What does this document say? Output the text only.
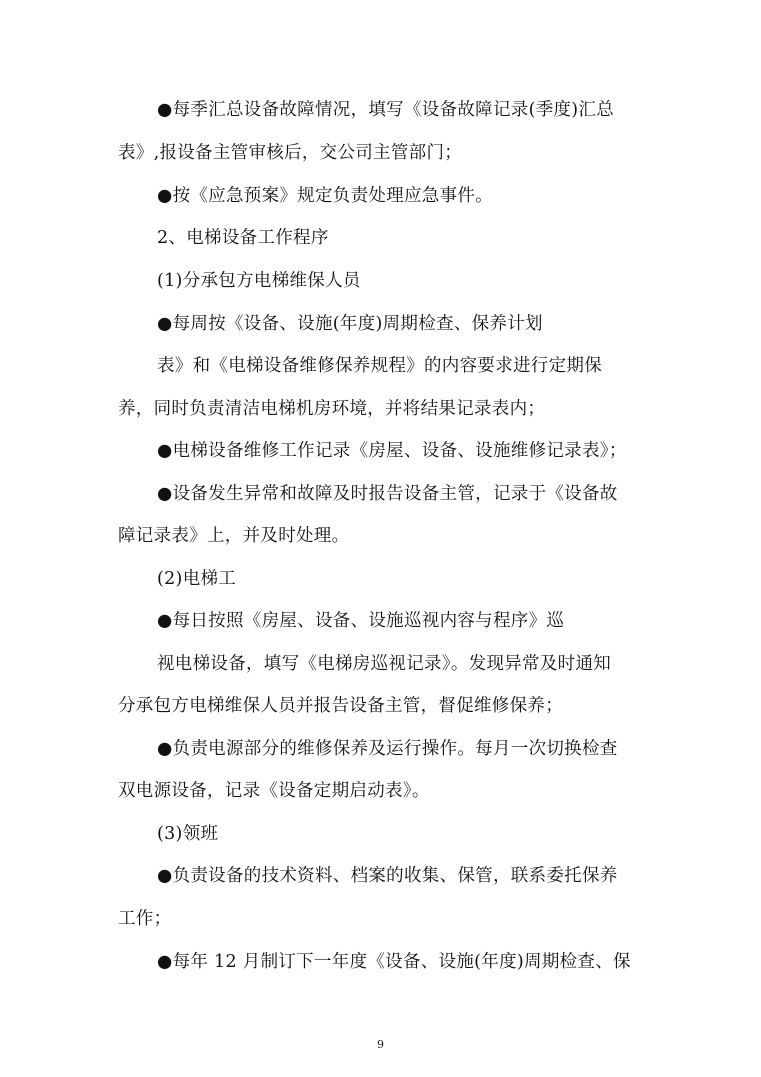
●每季汇总设备故障情况，填写《设备故障记录(季度)汇总
表》,报设备主管审核后，交公司主管部门；
●按《应急预案》规定负责处理应急事件。
2、电梯设备工作程序
(1)分承包方电梯维保人员
●每周按《设备、设施(年度)周期检查、保养计划
表》和《电梯设备维修保养规程》的内容要求进行定期保
养，同时负责清洁电梯机房环境，并将结果记录表内；
●电梯设备维修工作记录《房屋、设备、设施维修记录表》；
●设备发生异常和故障及时报告设备主管，记录于《设备故
障记录表》上，并及时处理。
(2)电梯工
●每日按照《房屋、设备、设施巡视内容与程序》巡
视电梯设备，填写《电梯房巡视记录》。发现异常及时通知
分承包方电梯维保人员并报告设备主管，督促维修保养；
●负责电源部分的维修保养及运行操作。每月一次切换检查
双电源设备，记录《设备定期启动表》。
(3)领班
●负责设备的技术资料、档案的收集、保管，联系委托保养
工作；
●每年 12 月制订下一年度《设备、设施(年度)周期检查、保
9
